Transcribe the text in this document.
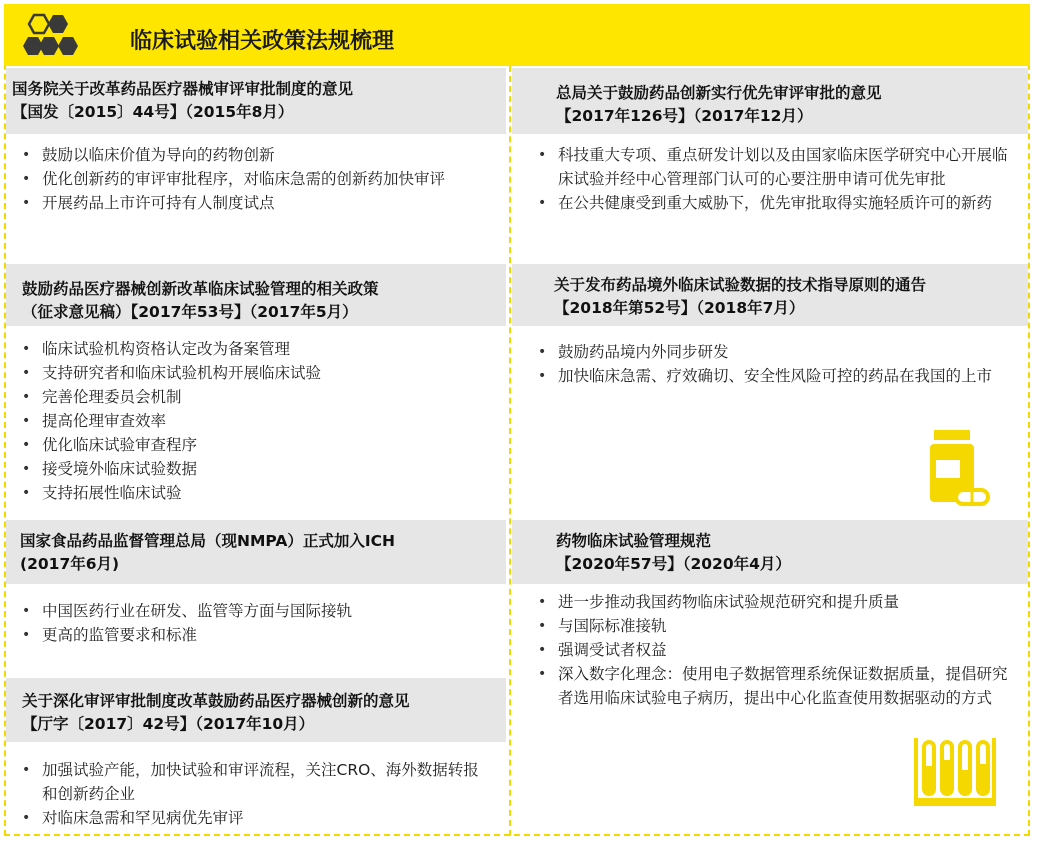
临床试验相关政策法规梳理
国务院关于改革药品医疗器械审评审批制度的意见
【国发〔2015〕44号】（2015年8月）
• 鼓励以临床价值为导向的药物创新
• 优化创新药的审评审批程序，对临床急需的创新药加快审评
• 开展药品上市许可持有人制度试点
鼓励药品医疗器械创新改革临床试验管理的相关政策
（征求意见稿）【2017年53号】（2017年5月）
• 临床试验机构资格认定改为备案管理
• 支持研究者和临床试验机构开展临床试验
• 完善伦理委员会机制
• 提高伦理审查效率
• 优化临床试验审查程序
• 接受境外临床试验数据
• 支持拓展性临床试验
国家食品药品监督管理总局（现NMPA）正式加入ICH
(2017年6月)
• 中国医药行业在研发、监管等方面与国际接轨
• 更高的监管要求和标准
关于深化审评审批制度改革鼓励药品医疗器械创新的意见
【厅字〔2017〕42号】（2017年10月）
• 加强试验产能，加快试验和审评流程，关注CRO、海外数据转报和创新药企业
• 对临床急需和罕见病优先审评
总局关于鼓励药品创新实行优先审评审批的意见
【2017年126号】（2017年12月）
• 科技重大专项、重点研发计划以及由国家临床医学研究中心开展临床试验并经中心管理部门认可的心要注册申请可优先审批
• 在公共健康受到重大威胁下，优先审批取得实施轻质许可的新药
关于发布药品境外临床试验数据的技术指导原则的通告
【2018年第52号】（2018年7月）
• 鼓励药品境内外同步研发
• 加快临床急需、疗效确切、安全性风险可控的药品在我国的上市
药物临床试验管理规范
【2020年57号】（2020年4月）
• 进一步推动我国药物临床试验规范研究和提升质量
• 与国际标准接轨
• 强调受试者权益
• 深入数字化理念：使用电子数据管理系统保证数据质量，提倡研究者选用临床试验电子病历，提出中心化监查使用数据驱动的方式
